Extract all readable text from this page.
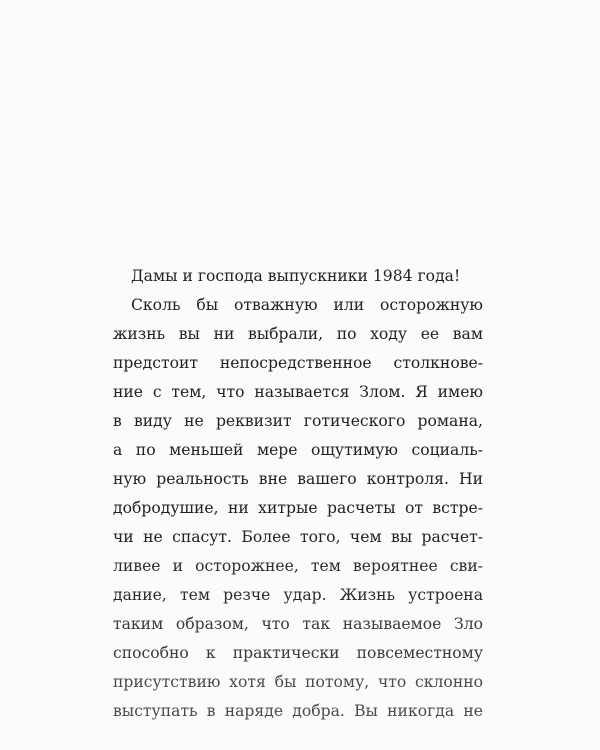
Дамы и господа выпускники 1984 года!
Сколь бы отважную или осторожную
жизнь вы ни выбрали, по ходу ее вам
предстоит непосредственное столкнове-
ние с тем, что называется Злом. Я имею
в виду не реквизит готического романа,
а по меньшей мере ощутимую социаль-
ную реальность вне вашего контроля. Ни
добродушие, ни хитрые расчеты от встре-
чи не спасут. Более того, чем вы расчет-
ливее и осторожнее, тем вероятнее сви-
дание, тем резче удар. Жизнь устроена
таким образом, что так называемое Зло
способно к практически повсеместному
присутствию хотя бы потому, что склонно
выступать в наряде добра. Вы никогда не
